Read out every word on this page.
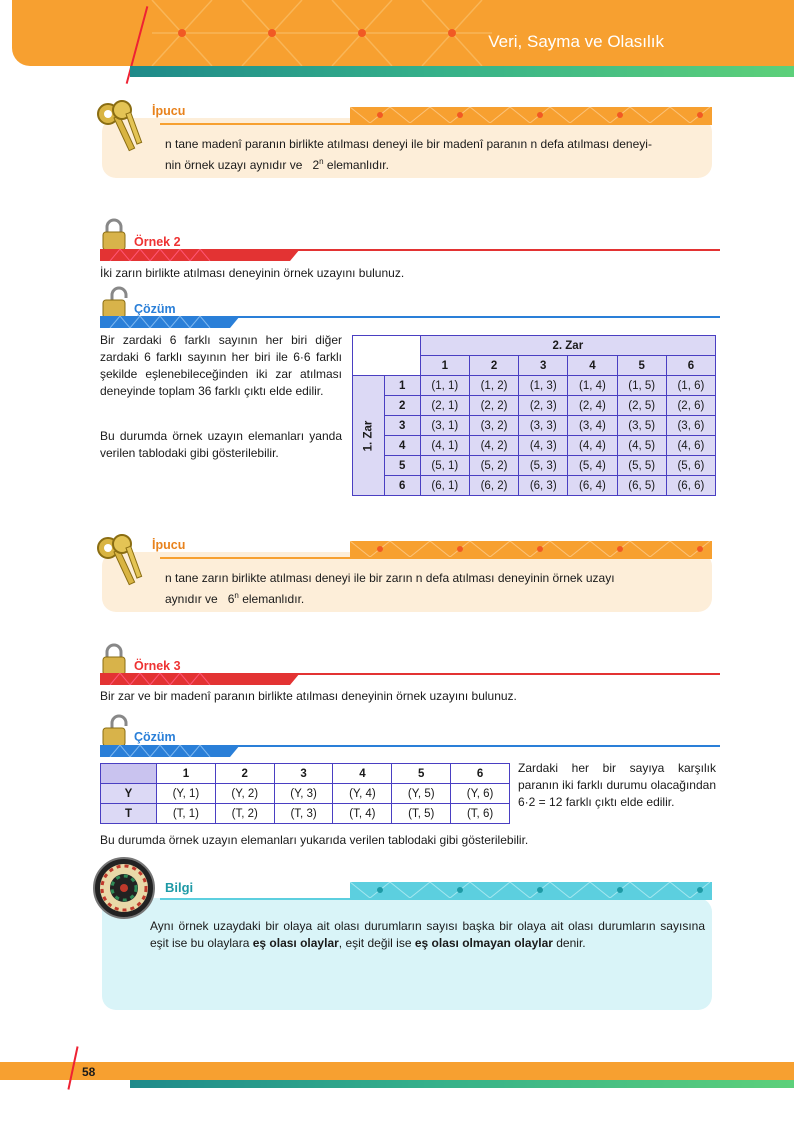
Veri, Sayma ve Olasılık
İpucu
n tane madenî paranın birlikte atılması deneyi ile bir madenî paranın n defa atılması deneyi-
nin örnek uzayı aynıdır ve 2$^n$ elemanlıdır.
Örnek 2
İki zarın birlikte atılması deneyinin örnek uzayını bulunuz.
Çözüm
Bir zardaki 6 farklı sayının her biri diğer zardaki 6 farklı sayının her biri ile 6·6 farklı şekilde eşlenebileceğinden iki zar atılması deneyinde toplam 36 farklı çıktı elde edilir.
Bu durumda örnek uzayın elemanları yanda verilen tablodaki gibi gösterilebilir.
		2. Zar					
		1	2	3	4	5	6

1. Zar	1	(1, 1)	(1, 2)	(1, 3)	(1, 4)	(1, 5)	(1, 6)
	2	(2, 1)	(2, 2)	(2, 3)	(2, 4)	(2, 5)	(2, 6)
	3	(3, 1)	(3, 2)	(3, 3)	(3, 4)	(3, 5)	(3, 6)
	4	(4, 1)	(4, 2)	(4, 3)	(4, 4)	(4, 5)	(4, 6)
	5	(5, 1)	(5, 2)	(5, 3)	(5, 4)	(5, 5)	(5, 6)
	6	(6, 1)	(6, 2)	(6, 3)	(6, 4)	(6, 5)	(6, 6)
İpucu
n tane zarın birlikte atılması deneyi ile bir zarın n defa atılması deneyinin örnek uzayı
aynıdır ve 6$^n$ elemanlıdır.
Örnek 3
Bir zar ve bir madenî paranın birlikte atılması deneyinin örnek uzayını bulunuz.
Çözüm
	1	2	3	4	5	6
Y	(Y, 1)	(Y, 2)	(Y, 3)	(Y, 4)	(Y, 5)	(Y, 6)
T	(T, 1)	(T, 2)	(T, 3)	(T, 4)	(T, 5)	(T, 6)
Zardaki her bir sayıya karşılık paranın iki farklı durumu olacağından 6·2 = 12 farklı çıktı elde edilir.
Bu durumda örnek uzayın elemanları yukarıda verilen tablodaki gibi gösterilebilir.
Bilgi
Aynı örnek uzaydaki bir olaya ait olası durumların sayısı başka bir olaya ait olası durumların sayısına eşit ise bu olaylara eş olası olaylar, eşit değil ise eş olası olmayan olaylar denir.
58
